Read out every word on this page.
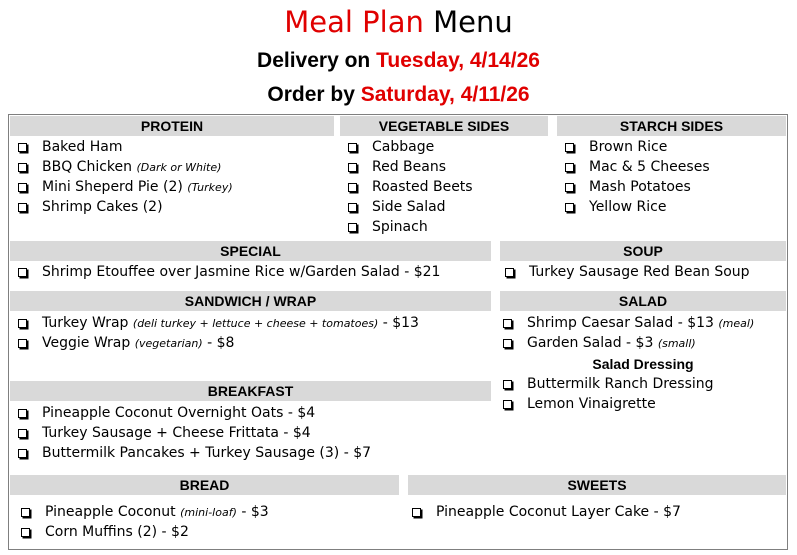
Meal Plan Menu
Delivery on Tuesday, 4/14/26
Order by Saturday, 4/11/26
PROTEIN	VEGETABLE SIDES	STARCH SIDES
SPECIAL	SOUP
SANDWICH / WRAP	SALAD
BREAKFAST
BREAD	SWEETS
Salad Dressing
Baked Ham
BBQ Chicken (Dark or White)
Mini Sheperd Pie (2) (Turkey)
Shrimp Cakes (2)
Cabbage
Red Beans
Roasted Beets
Side Salad
Spinach
Brown Rice
Mac & 5 Cheeses
Mash Potatoes
Yellow Rice
Shrimp Etouffee over Jasmine Rice w/Garden Salad - $21	Turkey Sausage Red Bean Soup
Turkey Wrap (deli turkey + lettuce + cheese + tomatoes) - $13
Veggie Wrap (vegetarian) - $8
Shrimp Caesar Salad - $13 (meal)
Garden Salad - $3 (small)
Buttermilk Ranch Dressing
Lemon Vinaigrette
Pineapple Coconut Overnight Oats - $4
Turkey Sausage + Cheese Frittata - $4
Buttermilk Pancakes + Turkey Sausage (3) - $7
Pineapple Coconut (mini-loaf) - $3
Corn Muffins (2) - $2
Pineapple Coconut Layer Cake - $7
